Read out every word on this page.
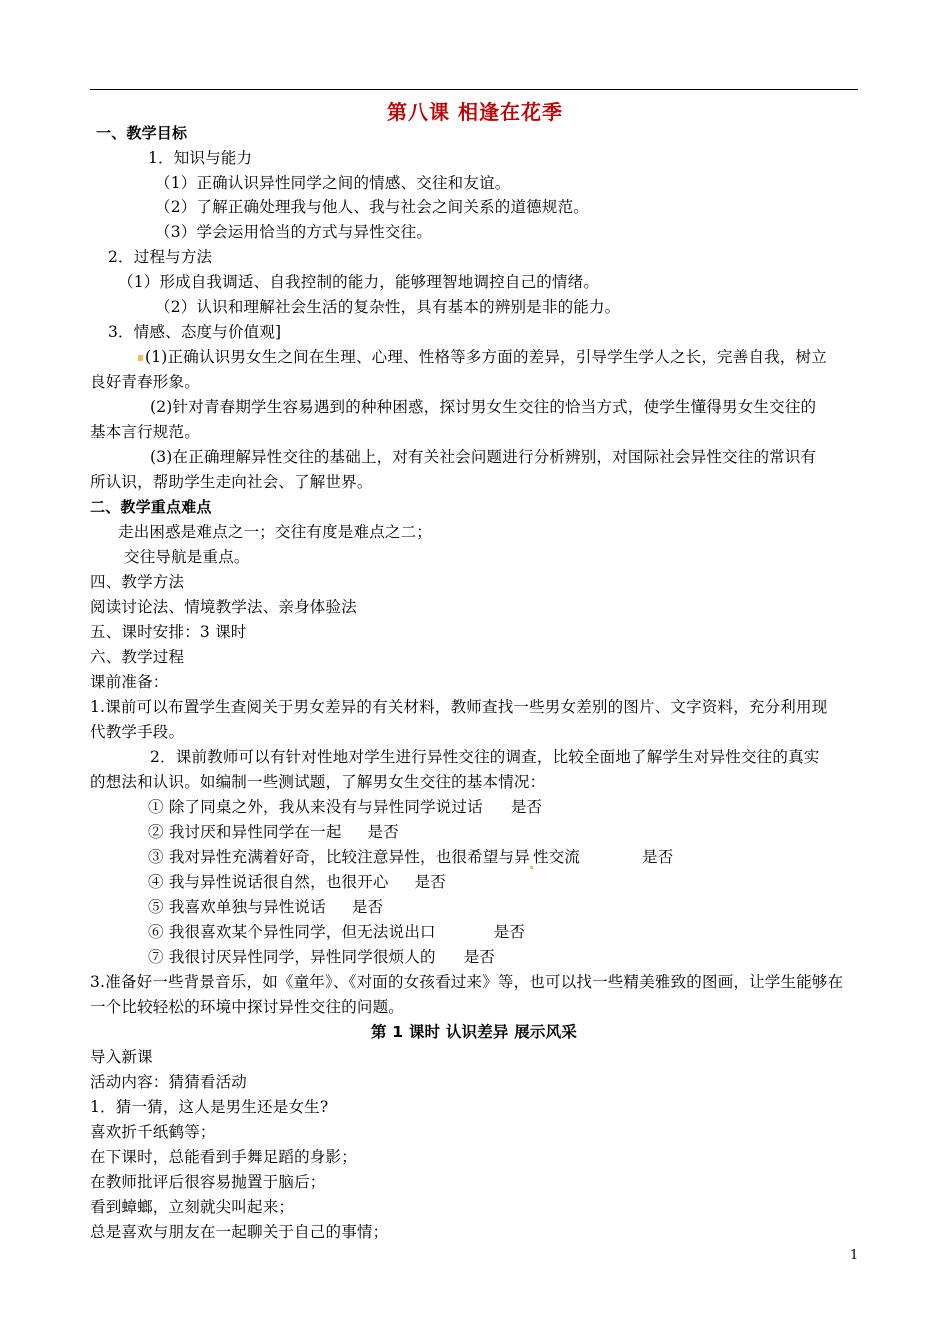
第八课 相逢在花季
一、教学目标
1．知识与能力
（1）正确认识异性同学之间的情感、交往和友谊。
（2）了解正确处理我与他人、我与社会之间关系的道德规范。
（3）学会运用恰当的方式与异性交往。
2．过程与方法
（1）形成自我调适、自我控制的能力，能够理智地调控自己的情绪。
（2）认识和理解社会生活的复杂性，具有基本的辨别是非的能力。
3．情感、态度与价值观]
(1)正确认识男女生之间在生理、心理、性格等多方面的差异，引导学生学人之长，完善自我，树立
良好青春形象。
(2)针对青春期学生容易遇到的种种困惑，探讨男女生交往的恰当方式，使学生懂得男女生交往的
基本言行规范。
(3)在正确理解异性交往的基础上，对有关社会问题进行分析辨别，对国际社会异性交往的常识有
所认识，帮助学生走向社会、了解世界。
二、教学重点难点
走出困惑是难点之一；交往有度是难点之二；
交往导航是重点。
四、教学方法
阅读讨论法、情境教学法、亲身体验法
五、课时安排：3 课时
六、教学过程
课前准备：
1.课前可以布置学生查阅关于男女差异的有关材料，教师查找一些男女差别的图片、文字资料，充分利用现
代教学手段。
2．课前教师可以有针对性地对学生进行异性交往的调查，比较全面地了解学生对异性交往的真实
的想法和认识。如编制一些测试题，了解男女生交往的基本情况：
① 除了同桌之外，我从来没有与异性同学说过话 是否
② 我讨厌和异性同学在一起 是否
③ 我对异性充满着好奇，比较注意异性，也很希望与异 性交流	是否
④ 我与异性说话很自然，也很开心 是否
⑤ 我喜欢单独与异性说话 是否
⑥ 我很喜欢某个异性同学，但无法说出口	是否
⑦ 我很讨厌异性同学，异性同学很烦人的 是否
3.准备好一些背景音乐，如《童年》、《对面的女孩看过来》等，也可以找一些精美雅致的图画，让学生能够在
一个比较轻松的环境中探讨异性交往的问题。
第 1 课时 认识差异 展示风采
导入新课
活动内容：猜猜看活动
1．猜一猜，这人是男生还是女生?
喜欢折千纸鹤等；
在下课时，总能看到手舞足蹈的身影；
在教师批评后很容易抛置于脑后；
看到蟑螂，立刻就尖叫起来；
总是喜欢与朋友在一起聊关于自己的事情；
1
